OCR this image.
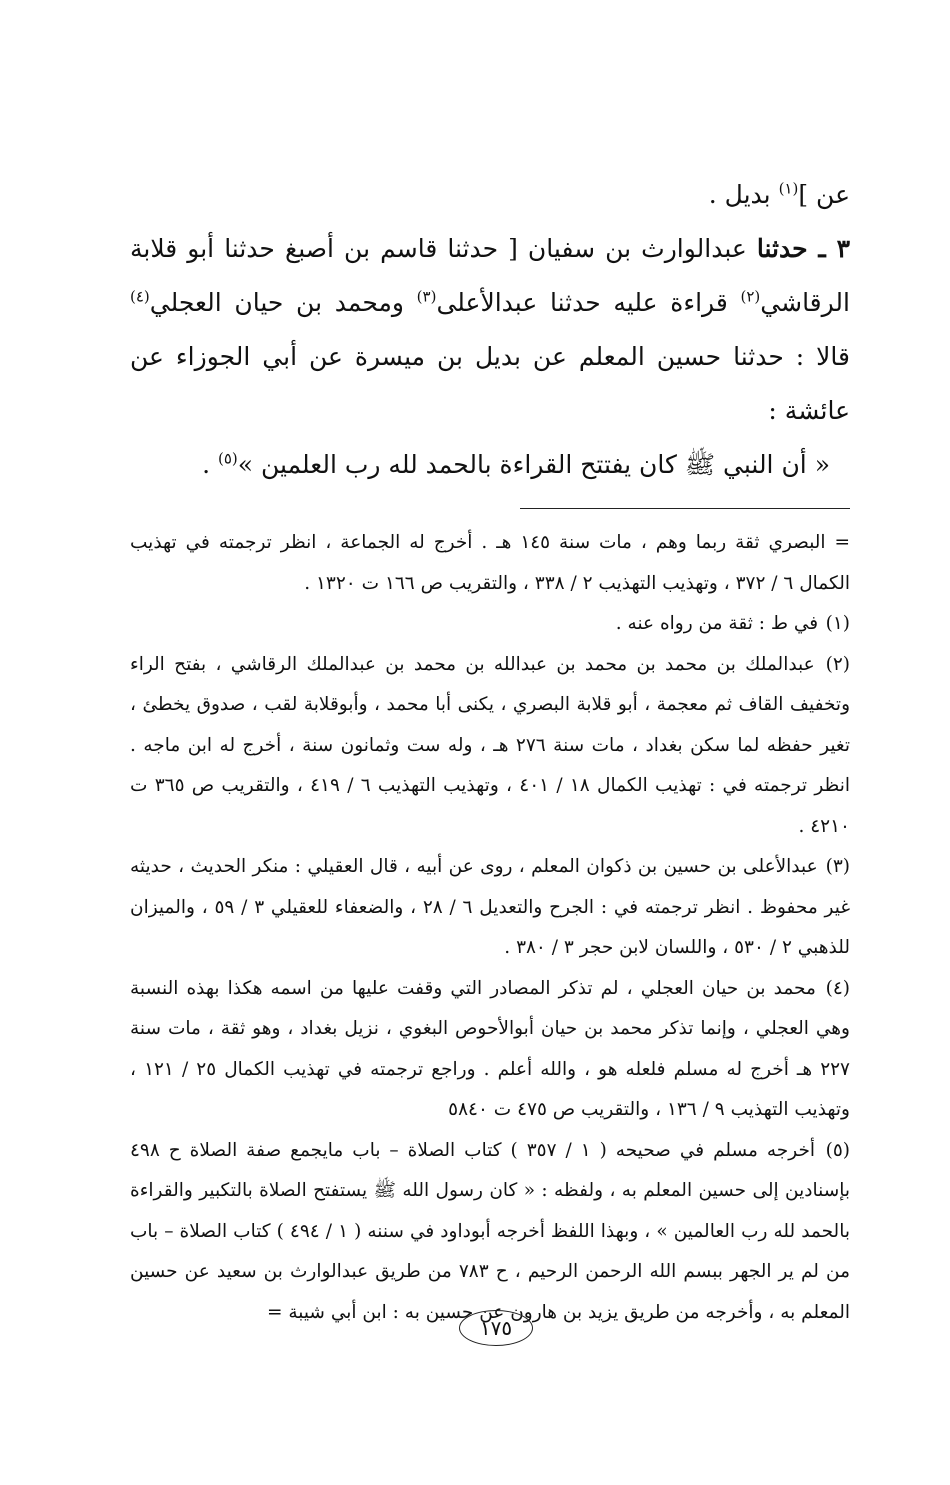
عن ]$^{(١)}$ بديل .

٣ ـ حدثنا عبدالوارث بن سفيان [ حدثنا قاسم بن أصبغ حدثنا أبو قلابة الرقاشي$^{(٢)}$ قراءة عليه حدثنا عبدالأعلى$^{(٣)}$ ومحمد بن حيان العجلي$^{(٤)}$ قالا : حدثنا حسين المعلم عن بديل بن ميسرة عن أبي الجوزاء عن عائشة :

« أن النبي ﷺ كان يفتتح القراءة بالحمد لله رب العلمين »$^{(٥)}$ .

= البصري ثقة ربما وهم ، مات سنة ١٤٥ هـ . أخرج له الجماعة ، انظر ترجمته في تهذيب الكمال ٦ / ٣٧٢ ، وتهذيب التهذيب ٢ / ٣٣٨ ، والتقريب ص ١٦٦ ت ١٣٢٠ .

(١) في ط : ثقة من رواه عنه .

(٢) عبدالملك بن محمد بن محمد بن عبدالله بن محمد بن عبدالملك الرقاشي ، بفتح الراء وتخفيف القاف ثم معجمة ، أبو قلابة البصري ، يكنى أبا محمد ، وأبوقلابة لقب ، صدوق يخطئ ، تغير حفظه لما سكن بغداد ، مات سنة ٢٧٦ هـ ، وله ست وثمانون سنة ، أخرج له ابن ماجه . انظر ترجمته في : تهذيب الكمال ١٨ / ٤٠١ ، وتهذيب التهذيب ٦ / ٤١٩ ، والتقريب ص ٣٦٥ ت ٤٢١٠ .

(٣) عبدالأعلى بن حسين بن ذكوان المعلم ، روى عن أبيه ، قال العقيلي : منكر الحديث ، حديثه غير محفوظ . انظر ترجمته في : الجرح والتعديل ٦ / ٢٨ ، والضعفاء للعقيلي ٣ / ٥٩ ، والميزان للذهبي ٢ / ٥٣٠ ، واللسان لابن حجر ٣ / ٣٨٠ .

(٤) محمد بن حيان العجلي ، لم تذكر المصادر التي وقفت عليها من اسمه هكذا بهذه النسبة وهي العجلي ، وإنما تذكر محمد بن حيان أبوالأحوص البغوي ، نزيل بغداد ، وهو ثقة ، مات سنة ٢٢٧ هـ أخرج له مسلم فلعله هو ، والله أعلم . وراجع ترجمته في تهذيب الكمال ٢٥ / ١٢١ ، وتهذيب التهذيب ٩ / ١٣٦ ، والتقريب ص ٤٧٥ ت ٥٨٤٠

(٥) أخرجه مسلم في صحيحه ( ١ / ٣٥٧ ) كتاب الصلاة – باب مايجمع صفة الصلاة ح ٤٩٨ بإسنادين إلى حسين المعلم به ، ولفظه : « كان رسول الله ﷺ يستفتح الصلاة بالتكبير والقراءة بالحمد لله رب العالمين » ، وبهذا اللفظ أخرجه أبوداود في سننه ( ١ / ٤٩٤ ) كتاب الصلاة – باب من لم ير الجهر ببسم الله الرحمن الرحيم ، ح ٧٨٣ من طريق عبدالوارث بن سعيد عن حسين المعلم به ، وأخرجه من طريق يزيد بن هارون عن حسين به : ابن أبي شيبة =

١٧٥
